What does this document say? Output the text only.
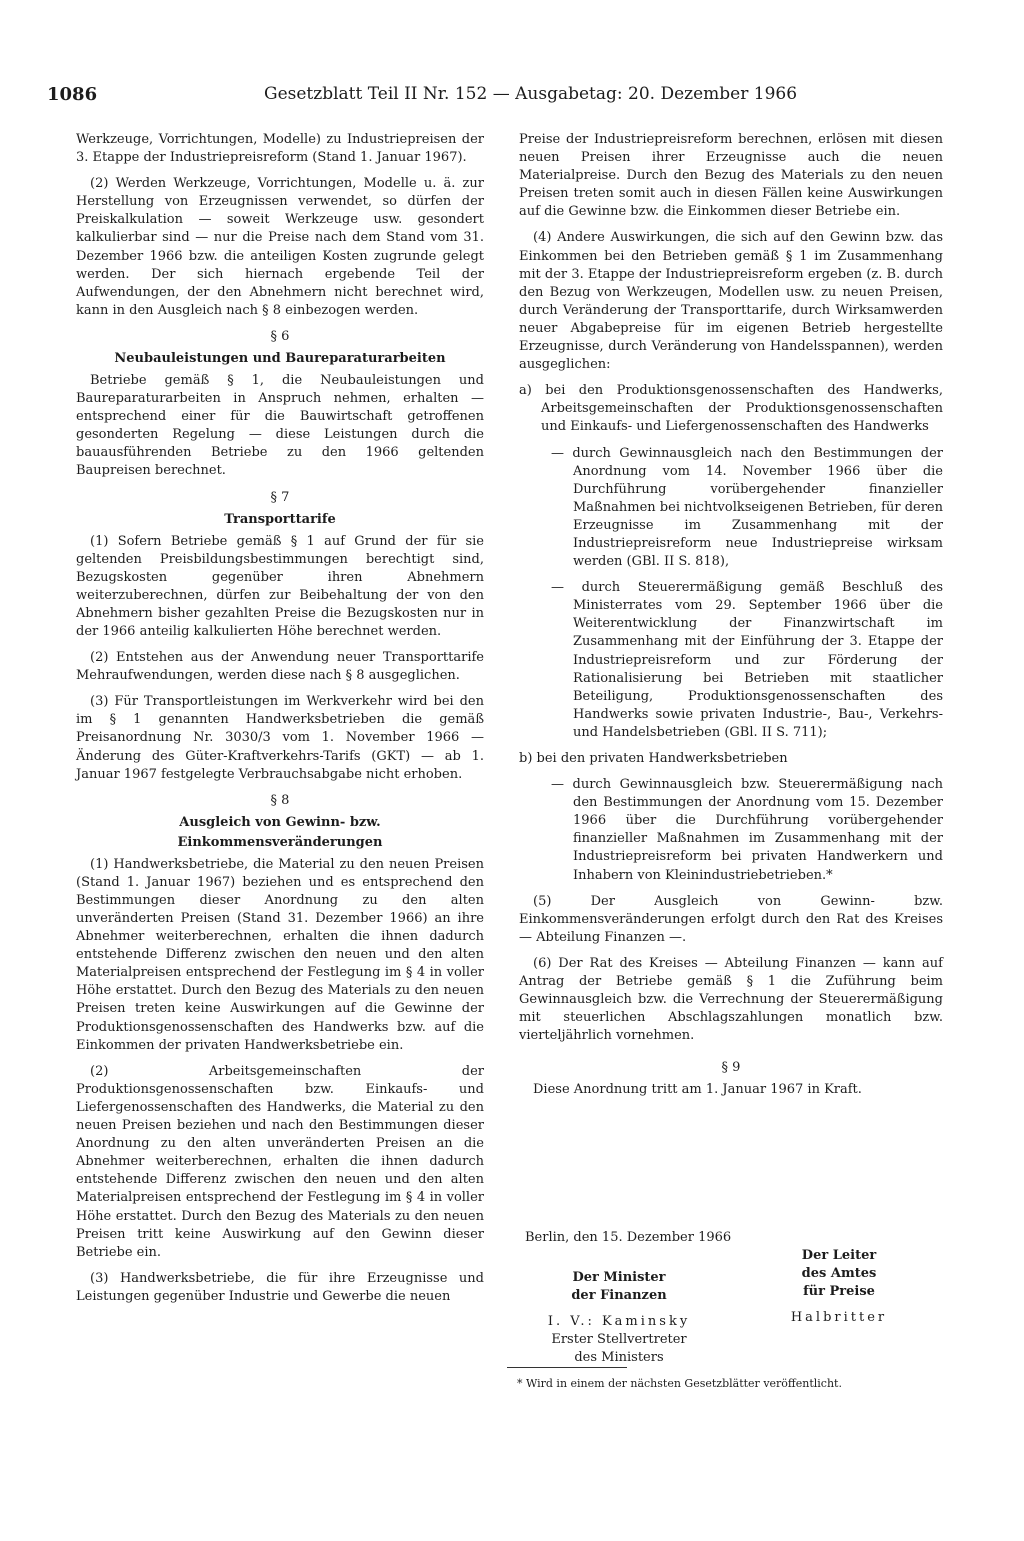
1086	Gesetzblatt Teil II Nr. 152 — Ausgabetag: 20. Dezember 1966

Werkzeuge, Vorrichtungen, Modelle) zu Industriepreisen der 3. Etappe der Industriepreisreform (Stand 1. Januar 1967).

(2) Werden Werkzeuge, Vorrichtungen, Modelle u. ä. zur Herstellung von Erzeugnissen verwendet, so dürfen der Preiskalkulation — soweit Werkzeuge usw. gesondert kalkulierbar sind — nur die Preise nach dem Stand vom 31. Dezember 1966 bzw. die anteiligen Kosten zugrunde gelegt werden. Der sich hiernach ergebende Teil der Aufwendungen, der den Abnehmern nicht berechnet wird, kann in den Ausgleich nach § 8 einbezogen werden.

§ 6
Neubauleistungen und Baureparaturarbeiten

Betriebe gemäß § 1, die Neubauleistungen und Baureparaturarbeiten in Anspruch nehmen, erhalten — entsprechend einer für die Bauwirtschaft getroffenen gesonderten Regelung — diese Leistungen durch die bauausführenden Betriebe zu den 1966 geltenden Baupreisen berechnet.

§ 7
Transporttarife

(1) Sofern Betriebe gemäß § 1 auf Grund der für sie geltenden Preisbildungsbestimmungen berechtigt sind, Bezugskosten gegenüber ihren Abnehmern weiterzuberechnen, dürfen zur Beibehaltung der von den Abnehmern bisher gezahlten Preise die Bezugskosten nur in der 1966 anteilig kalkulierten Höhe berechnet werden.

(2) Entstehen aus der Anwendung neuer Transporttarife Mehraufwendungen, werden diese nach § 8 ausgeglichen.

(3) Für Transportleistungen im Werkverkehr wird bei den im § 1 genannten Handwerksbetrieben die gemäß Preisanordnung Nr. 3030/3 vom 1. November 1966 — Änderung des Güter-Kraftverkehrs-Tarifs (GKT) — ab 1. Januar 1967 festgelegte Verbrauchsabgabe nicht erhoben.

§ 8
Ausgleich von Gewinn- bzw.
Einkommensveränderungen

(1) Handwerksbetriebe, die Material zu den neuen Preisen (Stand 1. Januar 1967) beziehen und es entsprechend den Bestimmungen dieser Anordnung zu den alten unveränderten Preisen (Stand 31. Dezember 1966) an ihre Abnehmer weiterberechnen, erhalten die ihnen dadurch entstehende Differenz zwischen den neuen und den alten Materialpreisen entsprechend der Festlegung im § 4 in voller Höhe erstattet. Durch den Bezug des Materials zu den neuen Preisen treten keine Auswirkungen auf die Gewinne der Produktionsgenossenschaften des Handwerks bzw. auf die Einkommen der privaten Handwerksbetriebe ein.

(2) Arbeitsgemeinschaften der Produktionsgenossenschaften bzw. Einkaufs- und Liefergenossenschaften des Handwerks, die Material zu den neuen Preisen beziehen und nach den Bestimmungen dieser Anordnung zu den alten unveränderten Preisen an die Abnehmer weiterberechnen, erhalten die ihnen dadurch entstehende Differenz zwischen den neuen und den alten Materialpreisen entsprechend der Festlegung im § 4 in voller Höhe erstattet. Durch den Bezug des Materials zu den neuen Preisen tritt keine Auswirkung auf den Gewinn dieser Betriebe ein.

(3) Handwerksbetriebe, die für ihre Erzeugnisse und Leistungen gegenüber Industrie und Gewerbe die neuen

Preise der Industriepreisreform berechnen, erlösen mit diesen neuen Preisen ihrer Erzeugnisse auch die neuen Materialpreise. Durch den Bezug des Materials zu den neuen Preisen treten somit auch in diesen Fällen keine Auswirkungen auf die Gewinne bzw. die Einkommen dieser Betriebe ein.

(4) Andere Auswirkungen, die sich auf den Gewinn bzw. das Einkommen bei den Betrieben gemäß § 1 im Zusammenhang mit der 3. Etappe der Industriepreisreform ergeben (z. B. durch den Bezug von Werkzeugen, Modellen usw. zu neuen Preisen, durch Veränderung der Transporttarife, durch Wirksamwerden neuer Abgabepreise für im eigenen Betrieb hergestellte Erzeugnisse, durch Veränderung von Handelsspannen), werden ausgeglichen:

a) bei den Produktionsgenossenschaften des Handwerks, Arbeitsgemeinschaften der Produktionsgenossenschaften und Einkaufs- und Liefergenossenschaften des Handwerks

— durch Gewinnausgleich nach den Bestimmungen der Anordnung vom 14. November 1966 über die Durchführung vorübergehender finanzieller Maßnahmen bei nichtvolkseigenen Betrieben, für deren Erzeugnisse im Zusammenhang mit der Industriepreisreform neue Industriepreise wirksam werden (GBl. II S. 818),

— durch Steuerermäßigung gemäß Beschluß des Ministerrates vom 29. September 1966 über die Weiterentwicklung der Finanzwirtschaft im Zusammenhang mit der Einführung der 3. Etappe der Industriepreisreform und zur Förderung der Rationalisierung bei Betrieben mit staatlicher Beteiligung, Produktionsgenossenschaften des Handwerks sowie privaten Industrie-, Bau-, Verkehrs- und Handelsbetrieben (GBl. II S. 711);

b) bei den privaten Handwerksbetrieben

— durch Gewinnausgleich bzw. Steuerermäßigung nach den Bestimmungen der Anordnung vom 15. Dezember 1966 über die Durchführung vorübergehender finanzieller Maßnahmen im Zusammenhang mit der Industriepreisreform bei privaten Handwerkern und Inhabern von Kleinindustriebetrieben.*

(5) Der Ausgleich von Gewinn- bzw. Einkommensveränderungen erfolgt durch den Rat des Kreises — Abteilung Finanzen —.

(6) Der Rat des Kreises — Abteilung Finanzen — kann auf Antrag der Betriebe gemäß § 1 die Zuführung beim Gewinnausgleich bzw. die Verrechnung der Steuerermäßigung mit steuerlichen Abschlagszahlungen monatlich bzw. vierteljährlich vornehmen.

§ 9

Diese Anordnung tritt am 1. Januar 1967 in Kraft.

Berlin, den 15. Dezember 1966
Der Minister
der Finanzen
I. V.: Kaminsky
Erster Stellvertreter
des Ministers
Der Leiter
des Amtes
für Preise
Halbritter
* Wird in einem der nächsten Gesetzblätter veröffentlicht.
